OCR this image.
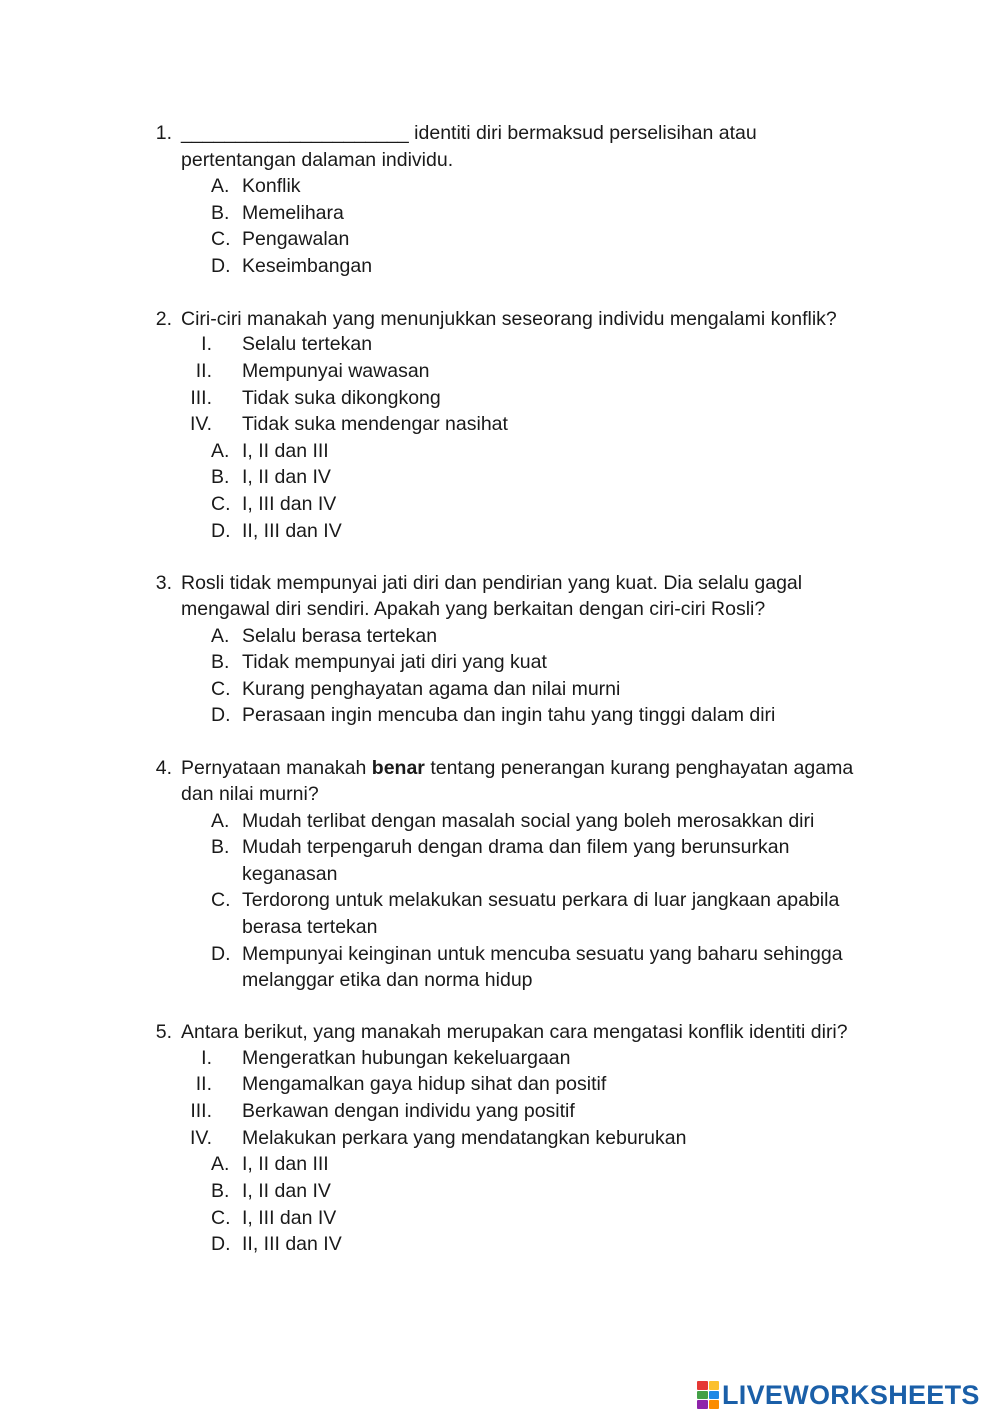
1. _____________________ identiti diri bermaksud perselisihan atau
pertentangan dalaman individu.
A. Konflik
B. Memelihara
C. Pengawalan
D. Keseimbangan
2. Ciri-ciri manakah yang menunjukkan seseorang individu mengalami konflik?
I. Selalu tertekan
II. Mempunyai wawasan
III. Tidak suka dikongkong
IV. Tidak suka mendengar nasihat
A. I, II dan III
B. I, II dan IV
C. I, III dan IV
D. II, III dan IV
3. Rosli tidak mempunyai jati diri dan pendirian yang kuat. Dia selalu gagal
mengawal diri sendiri. Apakah yang berkaitan dengan ciri-ciri Rosli?
A. Selalu berasa tertekan
B. Tidak mempunyai jati diri yang kuat
C. Kurang penghayatan agama dan nilai murni
D. Perasaan ingin mencuba dan ingin tahu yang tinggi dalam diri
4. Pernyataan manakah benar tentang penerangan kurang penghayatan agama
dan nilai murni?
A. Mudah terlibat dengan masalah social yang boleh merosakkan diri
B. Mudah terpengaruh dengan drama dan filem yang berunsurkan
keganasan
C. Terdorong untuk melakukan sesuatu perkara di luar jangkaan apabila
berasa tertekan
D. Mempunyai keinginan untuk mencuba sesuatu yang baharu sehingga
melanggar etika dan norma hidup
5. Antara berikut, yang manakah merupakan cara mengatasi konflik identiti diri?
I. Mengeratkan hubungan kekeluargaan
II. Mengamalkan gaya hidup sihat dan positif
III. Berkawan dengan individu yang positif
IV. Melakukan perkara yang mendatangkan keburukan
A. I, II dan III
B. I, II dan IV
C. I, III dan IV
D. II, III dan IV
LIVEWORKSHEETS
